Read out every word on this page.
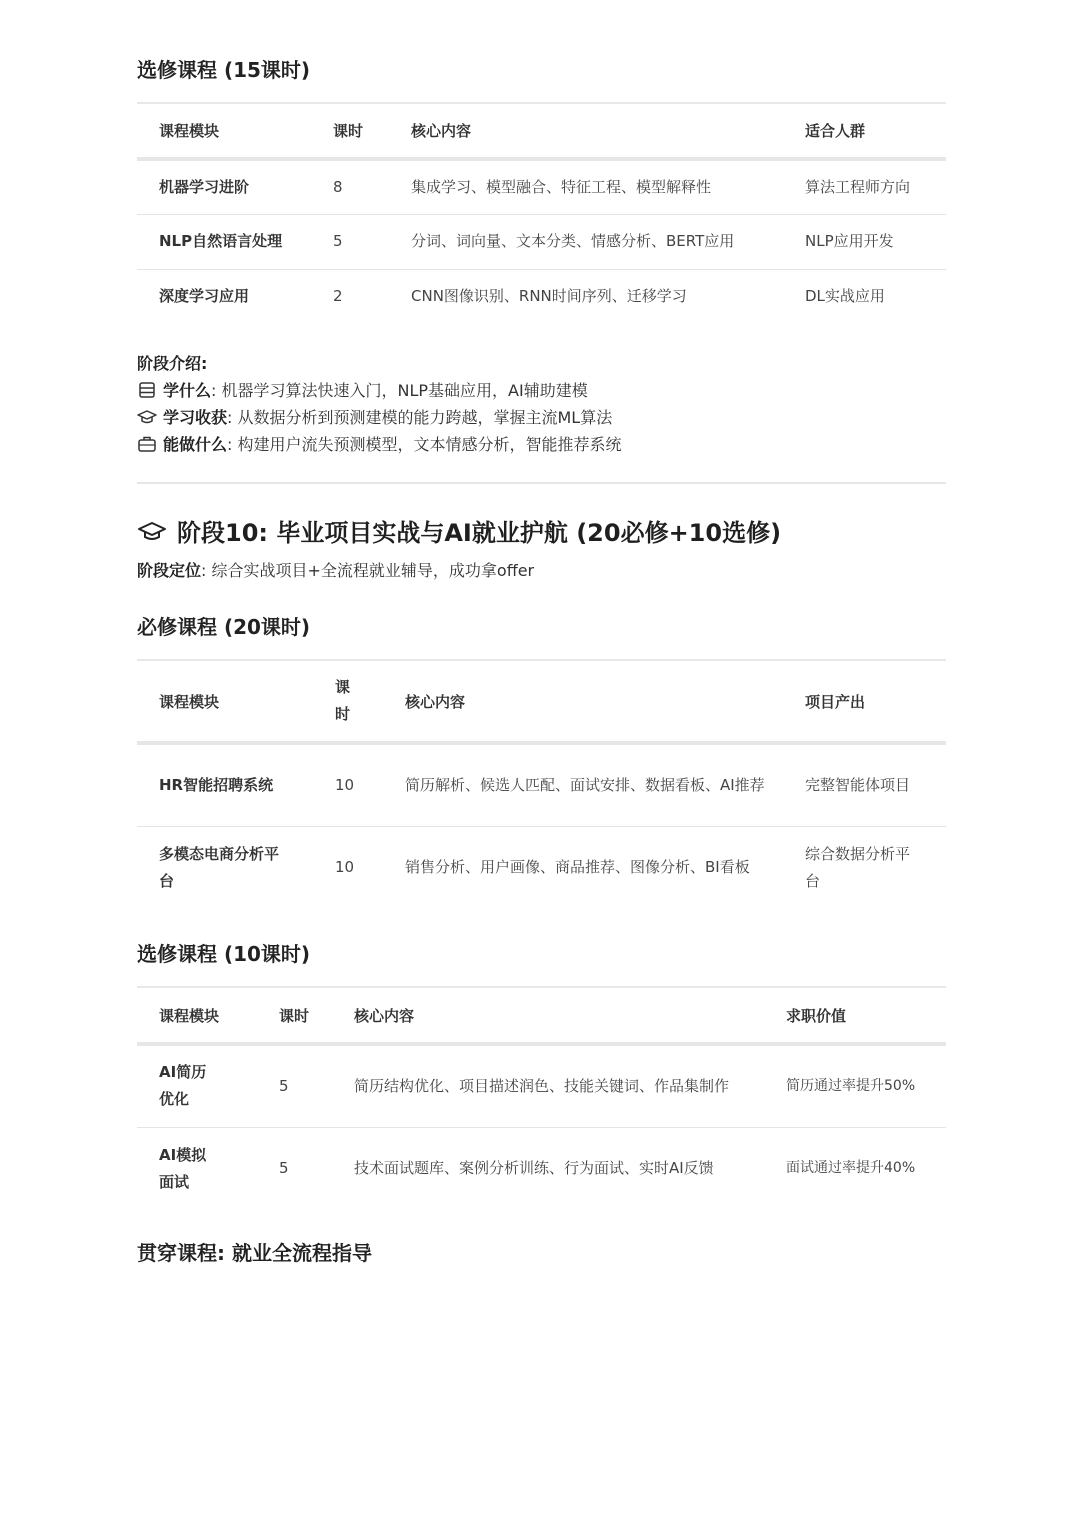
选修课程 (15课时)
课程模块	课时	核心内容	适合人群
机器学习进阶	8	集成学习、模型融合、特征工程、模型解释性	算法工程师方向
NLP自然语言处理	5	分词、词向量、文本分类、情感分析、BERT应用	NLP应用开发
深度学习应用	2	CNN图像识别、RNN时间序列、迁移学习	DL实战应用
阶段介绍:
学什么 : 机器学习算法快速入门，NLP基础应用，AI辅助建模
学习收获 : 从数据分析到预测建模的能力跨越，掌握主流ML算法
能做什么 : 构建用户流失预测模型，文本情感分析，智能推荐系统
阶段10: 毕业项目实战与AI就业护航 (20必修+10选修)
阶段定位 : 综合实战项目+全流程就业辅导，成功拿offer
必修课程 (20课时)
课程模块	课时	核心内容	项目产出
HR智能招聘系统	10	简历解析、候选人匹配、面试安排、数据看板、AI推荐	完整智能体项目
多模态电商分析平台	10	销售分析、用户画像、商品推荐、图像分析、BI看板	综合数据分析平台
选修课程 (10课时)
课程模块	课时	核心内容	求职价值
AI简历优化	5	简历结构优化、项目描述润色、技能关键词、作品集制作	简历通过率提升50%
AI模拟面试	5	技术面试题库、案例分析训练、行为面试、实时AI反馈	面试通过率提升40%
贯穿课程: 就业全流程指导
